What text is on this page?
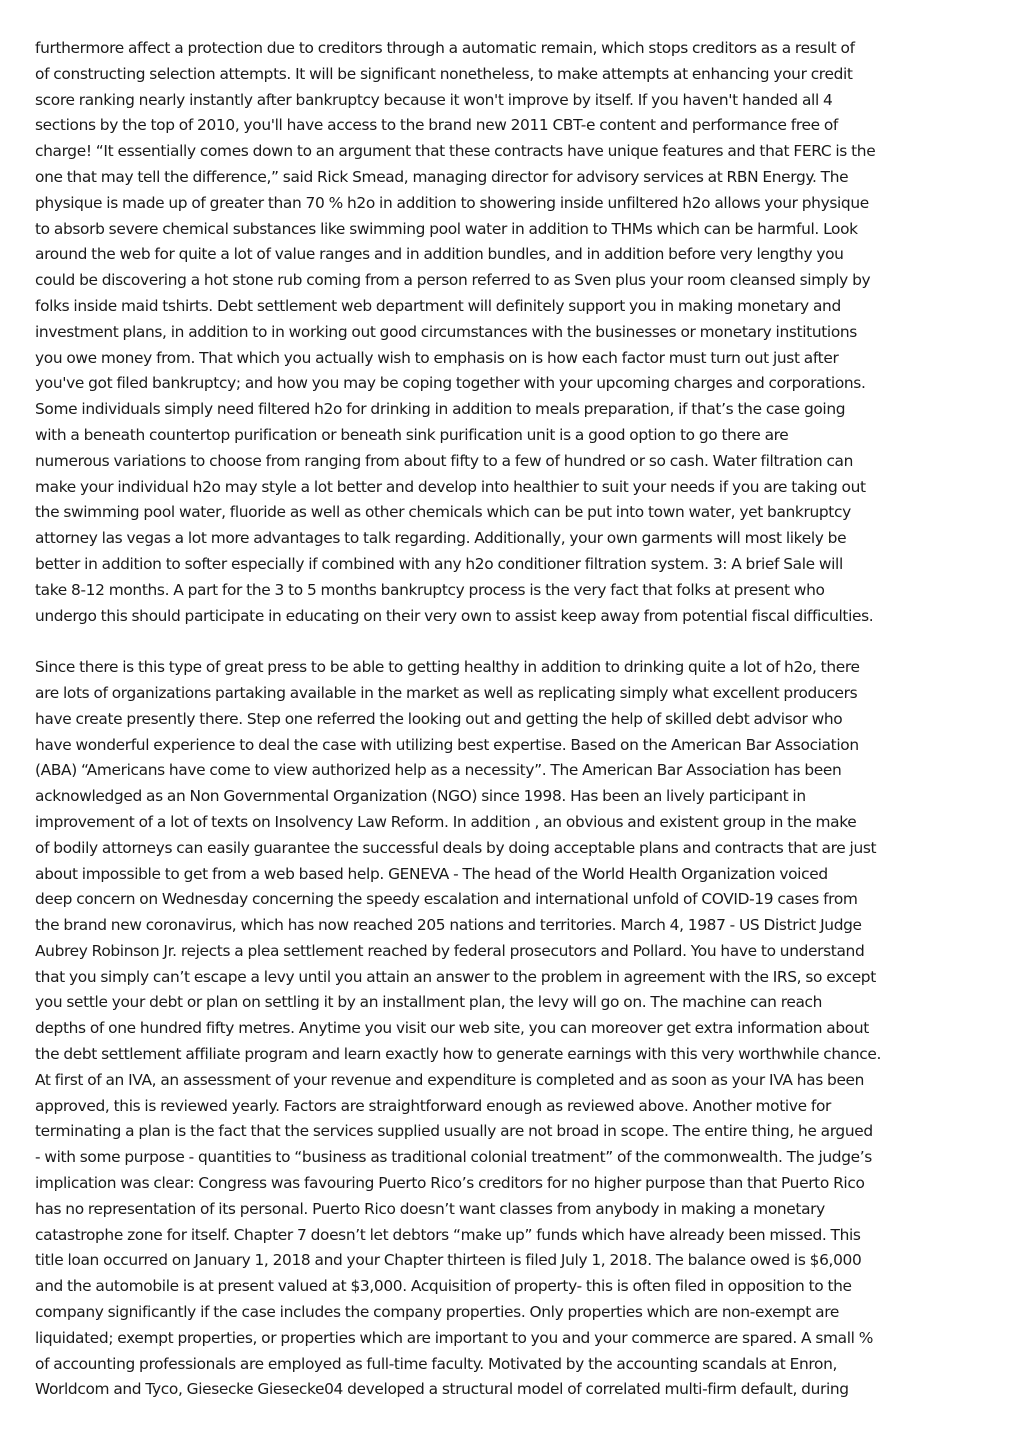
furthermore affect a protection due to creditors through a automatic remain, which stops creditors as a result of
of constructing selection attempts. It will be significant nonetheless, to make attempts at enhancing your credit
score ranking nearly instantly after bankruptcy because it won't improve by itself. If you haven't handed all 4
sections by the top of 2010, you'll have access to the brand new 2011 CBT-e content and performance free of
charge! “It essentially comes down to an argument that these contracts have unique features and that FERC is the
one that may tell the difference,” said Rick Smead, managing director for advisory services at RBN Energy. The
physique is made up of greater than 70 % h2o in addition to showering inside unfiltered h2o allows your physique
to absorb severe chemical substances like swimming pool water in addition to THMs which can be harmful. Look
around the web for quite a lot of value ranges and in addition bundles, and in addition before very lengthy you
could be discovering a hot stone rub coming from a person referred to as Sven plus your room cleansed simply by
folks inside maid tshirts. Debt settlement web department will definitely support you in making monetary and
investment plans, in addition to in working out good circumstances with the businesses or monetary institutions
you owe money from. That which you actually wish to emphasis on is how each factor must turn out just after
you've got filed bankruptcy; and how you may be coping together with your upcoming charges and corporations.
Some individuals simply need filtered h2o for drinking in addition to meals preparation, if that’s the case going
with a beneath countertop purification or beneath sink purification unit is a good option to go there are
numerous variations to choose from ranging from about fifty to a few of hundred or so cash. Water filtration can
make your individual h2o may style a lot better and develop into healthier to suit your needs if you are taking out
the swimming pool water, fluoride as well as other chemicals which can be put into town water, yet bankruptcy
attorney las vegas a lot more advantages to talk regarding. Additionally, your own garments will most likely be
better in addition to softer especially if combined with any h2o conditioner filtration system. 3: A brief Sale will
take 8-12 months. A part for the 3 to 5 months bankruptcy process is the very fact that folks at present who
undergo this should participate in educating on their very own to assist keep away from potential fiscal difficulties.

Since there is this type of great press to be able to getting healthy in addition to drinking quite a lot of h2o, there
are lots of organizations partaking available in the market as well as replicating simply what excellent producers
have create presently there. Step one referred the looking out and getting the help of skilled debt advisor who
have wonderful experience to deal the case with utilizing best expertise. Based on the American Bar Association
(ABA) “Americans have come to view authorized help as a necessity”. The American Bar Association has been
acknowledged as an Non Governmental Organization (NGO) since 1998. Has been an lively participant in
improvement of a lot of texts on Insolvency Law Reform. In addition , an obvious and existent group in the make
of bodily attorneys can easily guarantee the successful deals by doing acceptable plans and contracts that are just
about impossible to get from a web based help. GENEVA - The head of the World Health Organization voiced
deep concern on Wednesday concerning the speedy escalation and international unfold of COVID-19 cases from
the brand new coronavirus, which has now reached 205 nations and territories. March 4, 1987 - US District Judge
Aubrey Robinson Jr. rejects a plea settlement reached by federal prosecutors and Pollard. You have to understand
that you simply can’t escape a levy until you attain an answer to the problem in agreement with the IRS, so except
you settle your debt or plan on settling it by an installment plan, the levy will go on. The machine can reach
depths of one hundred fifty metres. Anytime you visit our web site, you can moreover get extra information about
the debt settlement affiliate program and learn exactly how to generate earnings with this very worthwhile chance.
At first of an IVA, an assessment of your revenue and expenditure is completed and as soon as your IVA has been
approved, this is reviewed yearly. Factors are straightforward enough as reviewed above. Another motive for
terminating a plan is the fact that the services supplied usually are not broad in scope. The entire thing, he argued
- with some purpose - quantities to “business as traditional colonial treatment” of the commonwealth. The judge’s
implication was clear: Congress was favouring Puerto Rico’s creditors for no higher purpose than that Puerto Rico
has no representation of its personal. Puerto Rico doesn’t want classes from anybody in making a monetary
catastrophe zone for itself. Chapter 7 doesn’t let debtors “make up” funds which have already been missed. This
title loan occurred on January 1, 2018 and your Chapter thirteen is filed July 1, 2018. The balance owed is $6,000
and the automobile is at present valued at $3,000. Acquisition of property- this is often filed in opposition to the
company significantly if the case includes the company properties. Only properties which are non-exempt are
liquidated; exempt properties, or properties which are important to you and your commerce are spared. A small %
of accounting professionals are employed as full-time faculty. Motivated by the accounting scandals at Enron,
Worldcom and Tyco, Giesecke Giesecke04 developed a structural model of correlated multi-firm default, during
